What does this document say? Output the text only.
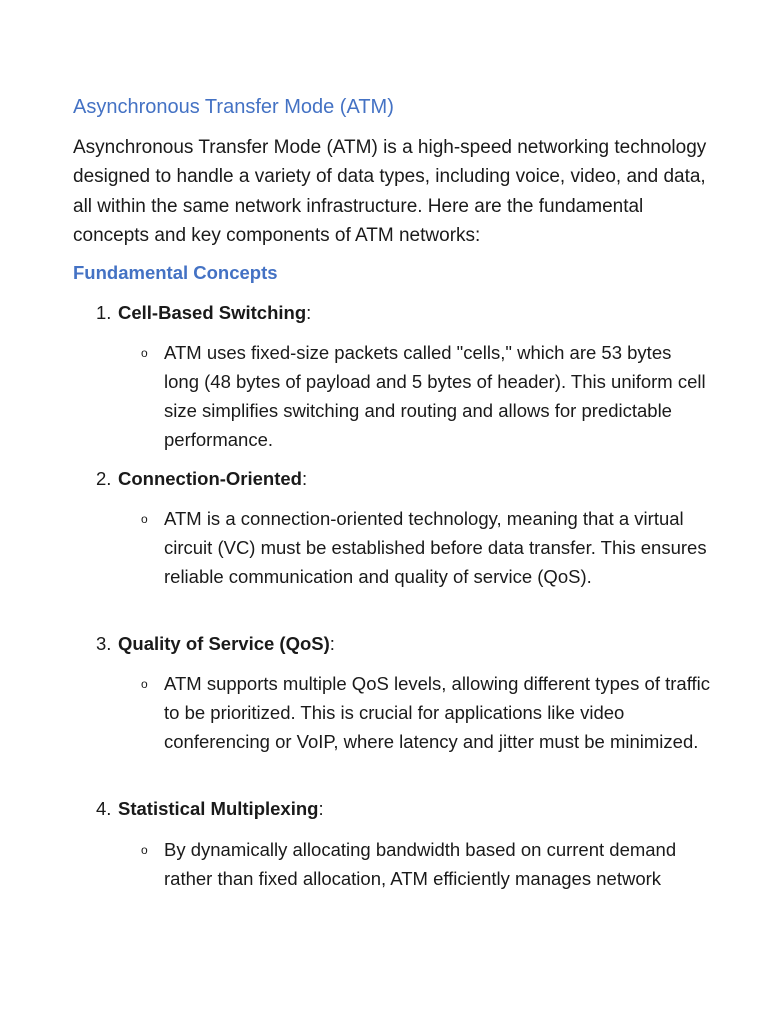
Asynchronous Transfer Mode (ATM)

Asynchronous Transfer Mode (ATM) is a high-speed networking technology designed to handle a variety of data types, including voice, video, and data, all within the same network infrastructure. Here are the fundamental concepts and key components of ATM networks:

Fundamental Concepts
1. Cell-Based Switching:
o ATM uses fixed-size packets called "cells," which are 53 bytes long (48 bytes of payload and 5 bytes of header). This uniform cell size simplifies switching and routing and allows for predictable performance.

2. Connection-Oriented:
o ATM is a connection-oriented technology, meaning that a virtual circuit (VC) must be established before data transfer. This ensures reliable communication and quality of service (QoS).

3. Quality of Service (QoS):
o ATM supports multiple QoS levels, allowing different types of traffic to be prioritized. This is crucial for applications like video conferencing or VoIP, where latency and jitter must be minimized.

4. Statistical Multiplexing:
o By dynamically allocating bandwidth based on current demand rather than fixed allocation, ATM efficiently manages network
